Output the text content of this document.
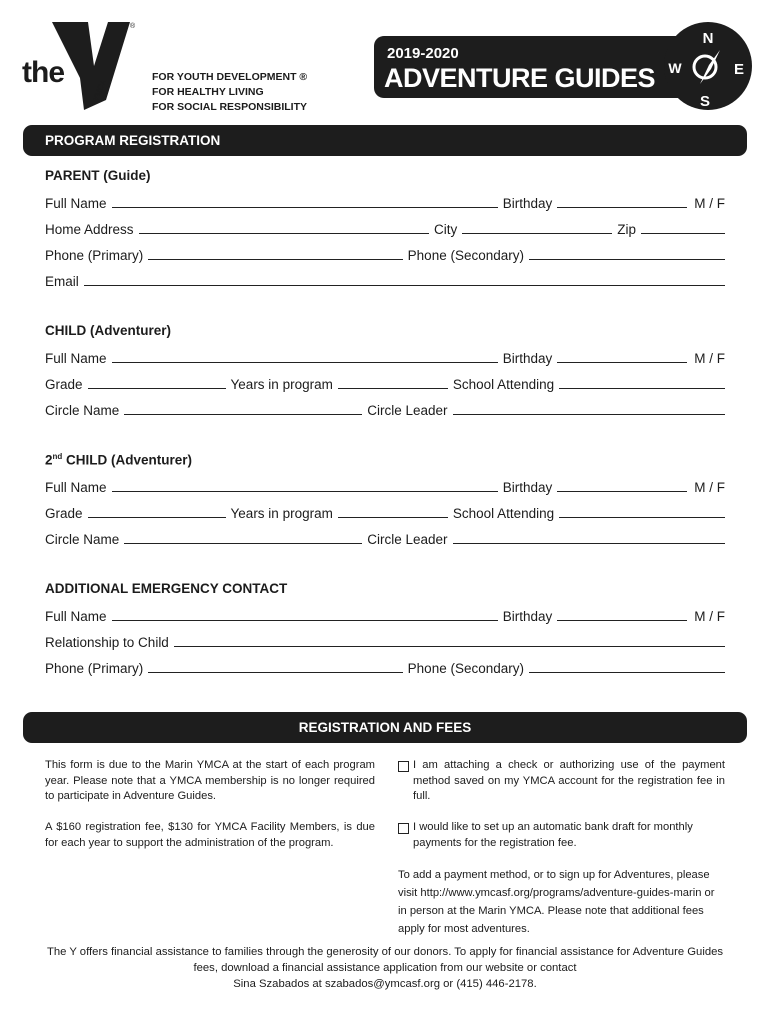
the
YMCA
®
FOR YOUTH DEVELOPMENT ®
FOR HEALTHY LIVING
FOR SOCIAL RESPONSIBILITY
2019-2020
ADVENTURE GUIDES
N
E
S
W
PROGRAM REGISTRATION
PARENT (Guide)
Full Name	Birthday	M / F
Home Address	City	Zip
Phone (Primary)	Phone (Secondary)
Email
CHILD (Adventurer)
Full Name	Birthday	M / F
Grade	Years in program	School Attending
Circle Name	Circle Leader
2nd CHILD (Adventurer)
Full Name	Birthday	M / F
Grade	Years in program	School Attending
Circle Name	Circle Leader
ADDITIONAL EMERGENCY CONTACT
Full Name	Birthday	M / F
Relationship to Child
Phone (Primary)	Phone (Secondary)
REGISTRATION AND FEES
This form is due to the Marin YMCA at the start of each program year. Please note that a YMCA membership is no longer required to participate in Adventure Guides.
A $160 registration fee, $130 for YMCA Facility Members, is due for each year to support the administration of the program.
I am attaching a check or authorizing use of the payment method saved on my YMCA account for the registration fee in full.
I would like to set up an automatic bank draft for monthly payments for the registration fee.
To add a payment method, or to sign up for Adventures, please visit http://www.ymcasf.org/programs/adventure-guides-marin or in person at the Marin YMCA. Please note that additional fees apply for most adventures.
The Y offers financial assistance to families through the generosity of our donors. To apply for financial assistance for Adventure Guides fees, download a financial assistance application from our website or contact
Sina Szabados at szabados@ymcasf.org or (415) 446-2178.
